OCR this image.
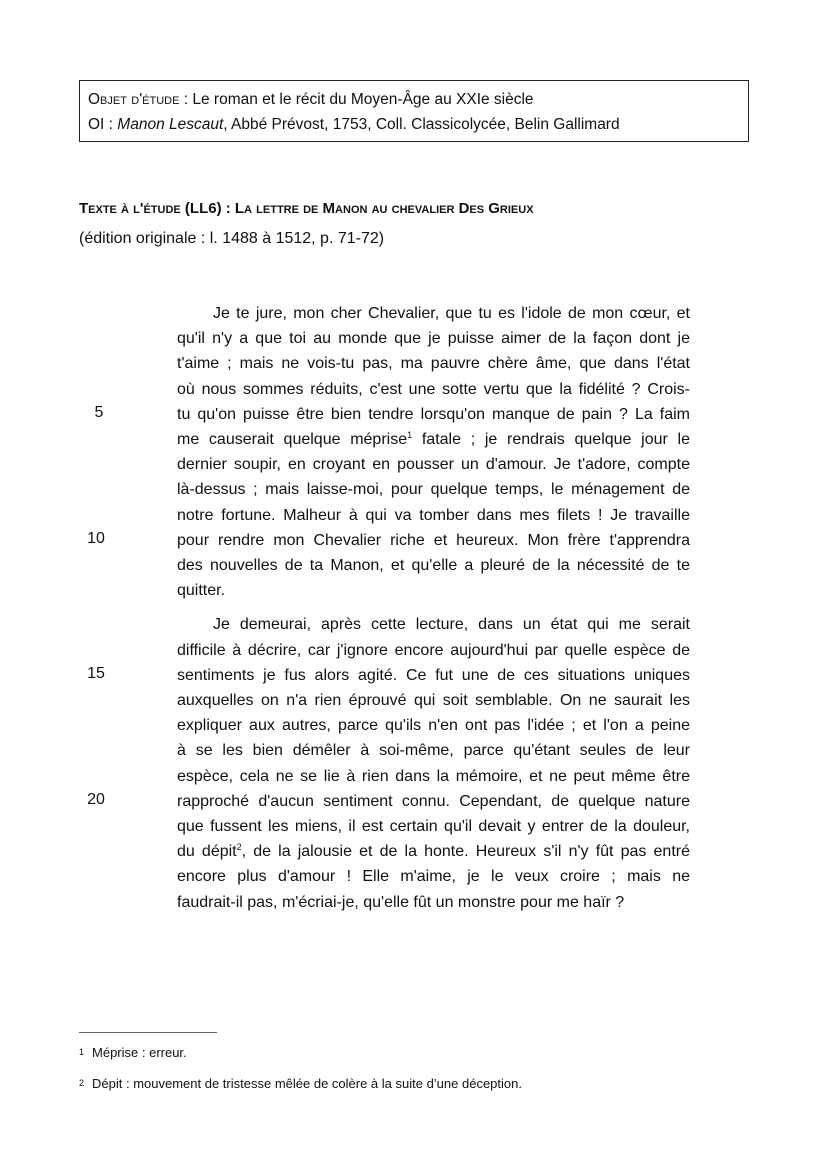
Objet d'étude : Le roman et le récit du Moyen-Âge au XXIe siècle
OI : Manon Lescaut, Abbé Prévost, 1753, Coll. Classicolycée, Belin Gallimard
Texte à l'étude (LL6) : La lettre de Manon au chevalier Des Grieux
(édition originale : l. 1488 à 1512, p. 71-72)

Je te jure, mon cher Chevalier, que tu es l'idole de mon cœur, et
qu'il n'y a que toi au monde que je puisse aimer de la façon dont je
t'aime ; mais ne vois-tu pas, ma pauvre chère âme, que dans l'état
où nous sommes réduits, c'est une sotte vertu que la fidélité ? Crois-
tu qu'on puisse être bien tendre lorsqu'on manque de pain ? La faim
me causerait quelque méprise$^1$ fatale ; je rendrais quelque jour le
dernier soupir, en croyant en pousser un d'amour. Je t'adore, compte
là-dessus ; mais laisse-moi, pour quelque temps, le ménagement de
notre fortune. Malheur à qui va tomber dans mes filets ! Je travaille
pour rendre mon Chevalier riche et heureux. Mon frère t'apprendra
des nouvelles de ta Manon, et qu'elle a pleuré de la nécessité de te
quitter.

Je demeurai, après cette lecture, dans un état qui me serait
difficile à décrire, car j'ignore encore aujourd'hui par quelle espèce de
sentiments je fus alors agité. Ce fut une de ces situations uniques
auxquelles on n'a rien éprouvé qui soit semblable. On ne saurait les
expliquer aux autres, parce qu'ils n'en ont pas l'idée ; et l'on a peine
à se les bien démêler à soi-même, parce qu'étant seules de leur
espèce, cela ne se lie à rien dans la mémoire, et ne peut même être
rapproché d'aucun sentiment connu. Cependant, de quelque nature
que fussent les miens, il est certain qu'il devait y entrer de la douleur,
du dépit$^2$, de la jalousie et de la honte. Heureux s'il n'y fût pas entré
encore plus d'amour ! Elle m'aime, je le veux croire ; mais ne
faudrait-il pas, m'écriai-je, qu'elle fût un monstre pour me haïr ?

5
10
15
20
1 Méprise : erreur.
2 Dépit : mouvement de tristesse mêlée de colère à la suite d’une déception.
